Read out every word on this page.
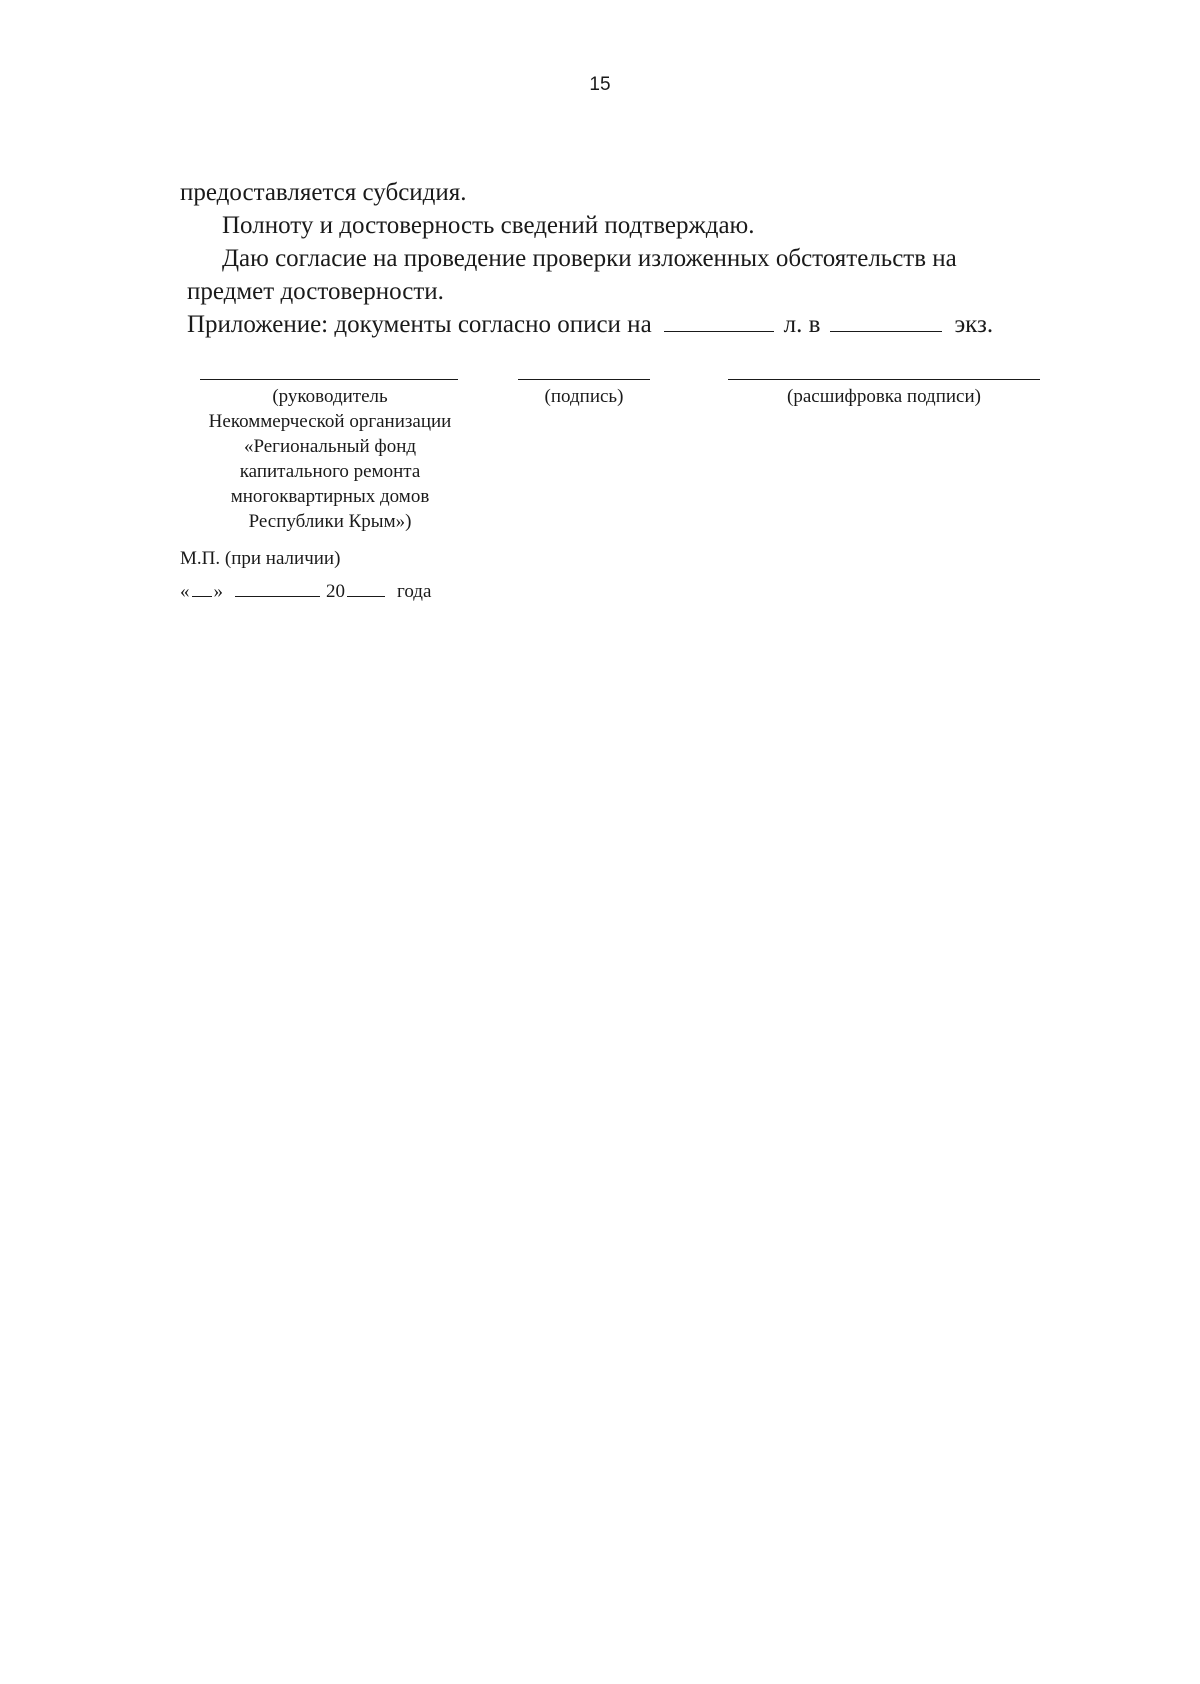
15
предоставляется субсидия.
Полноту и достоверность сведений подтверждаю.
Даю согласие на проведение проверки изложенных обстоятельств на
предмет достоверности.
Приложение: документы согласно описи на	л. в	экз.
(руководитель
Некоммерческой организации
«Региональный фонд
капитального ремонта
многоквартирных домов
Республики Крым»)
(подпись)	(расшифровка подписи)
М.П. (при наличии)
« »	20	года
